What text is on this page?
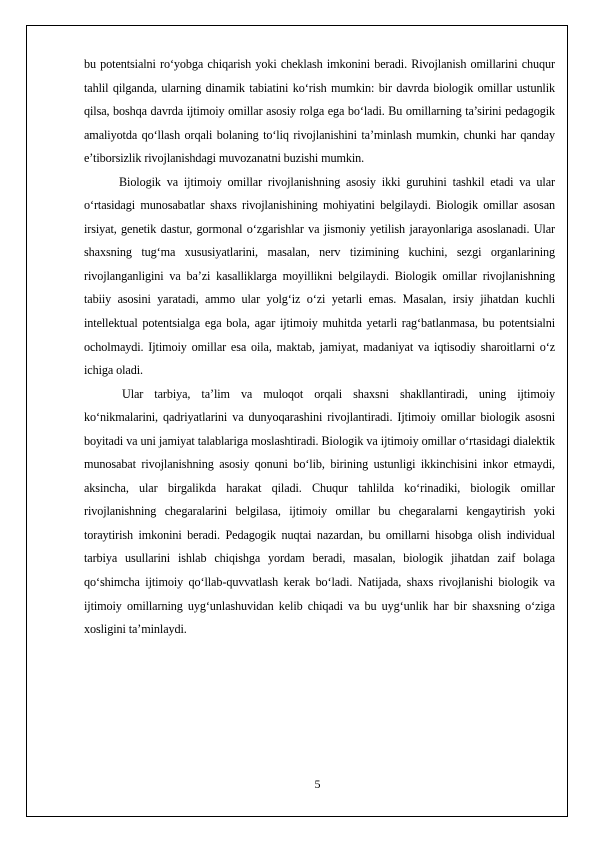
bu potentsialni ro‘yobga chiqarish yoki cheklash imkonini beradi. Rivojlanish omillarini chuqur tahlil qilganda, ularning dinamik tabiatini ko‘rish mumkin: bir davrda biologik omillar ustunlik qilsa, boshqa davrda ijtimoiy omillar asosiy rolga ega bo‘ladi. Bu omillarning ta’sirini pedagogik amaliyotda qo‘llash orqali bolaning to‘liq rivojlanishini ta’minlash mumkin, chunki har qanday e’tiborsizlik rivojlanishdagi muvozanatni buzishi mumkin.

Biologik va ijtimoiy omillar rivojlanishning asosiy ikki guruhini tashkil etadi va ular o‘rtasidagi munosabatlar shaxs rivojlanishining mohiyatini belgilaydi. Biologik omillar asosan irsiyat, genetik dastur, gormonal o‘zgarishlar va jismoniy yetilish jarayonlariga asoslanadi. Ular shaxsning tug‘ma xususiyatlarini, masalan, nerv tizimining kuchini, sezgi organlarining rivojlanganligini va ba’zi kasalliklarga moyillikni belgilaydi. Biologik omillar rivojlanishning tabiiy asosini yaratadi, ammo ular yolg‘iz o‘zi yetarli emas. Masalan, irsiy jihatdan kuchli intellektual potentsialga ega bola, agar ijtimoiy muhitda yetarli rag‘batlanmasa, bu potentsialni ocholmaydi. Ijtimoiy omillar esa oila, maktab, jamiyat, madaniyat va iqtisodiy sharoitlarni o‘z ichiga oladi.

Ular tarbiya, ta’lim va muloqot orqali shaxsni shakllantiradi, uning ijtimoiy ko‘nikmalarini, qadriyatlarini va dunyoqarashini rivojlantiradi. Ijtimoiy omillar biologik asosni boyitadi va uni jamiyat talablariga moslashtiradi. Biologik va ijtimoiy omillar o‘rtasidagi dialektik munosabat rivojlanishning asosiy qonuni bo‘lib, birining ustunligi ikkinchisini inkor etmaydi, aksincha, ular birgalikda harakat qiladi. Chuqur tahlilda ko‘rinadiki, biologik omillar rivojlanishning chegaralarini belgilasa, ijtimoiy omillar bu chegaralarni kengaytirish yoki toraytirish imkonini beradi. Pedagogik nuqtai nazardan, bu omillarni hisobga olish individual tarbiya usullarini ishlab chiqishga yordam beradi, masalan, biologik jihatdan zaif bolaga qo‘shimcha ijtimoiy qo‘llab-quvvatlash kerak bo‘ladi. Natijada, shaxs rivojlanishi biologik va ijtimoiy omillarning uyg‘unlashuvidan kelib chiqadi va bu uyg‘unlik har bir shaxsning o‘ziga xosligini ta’minlaydi.

5
